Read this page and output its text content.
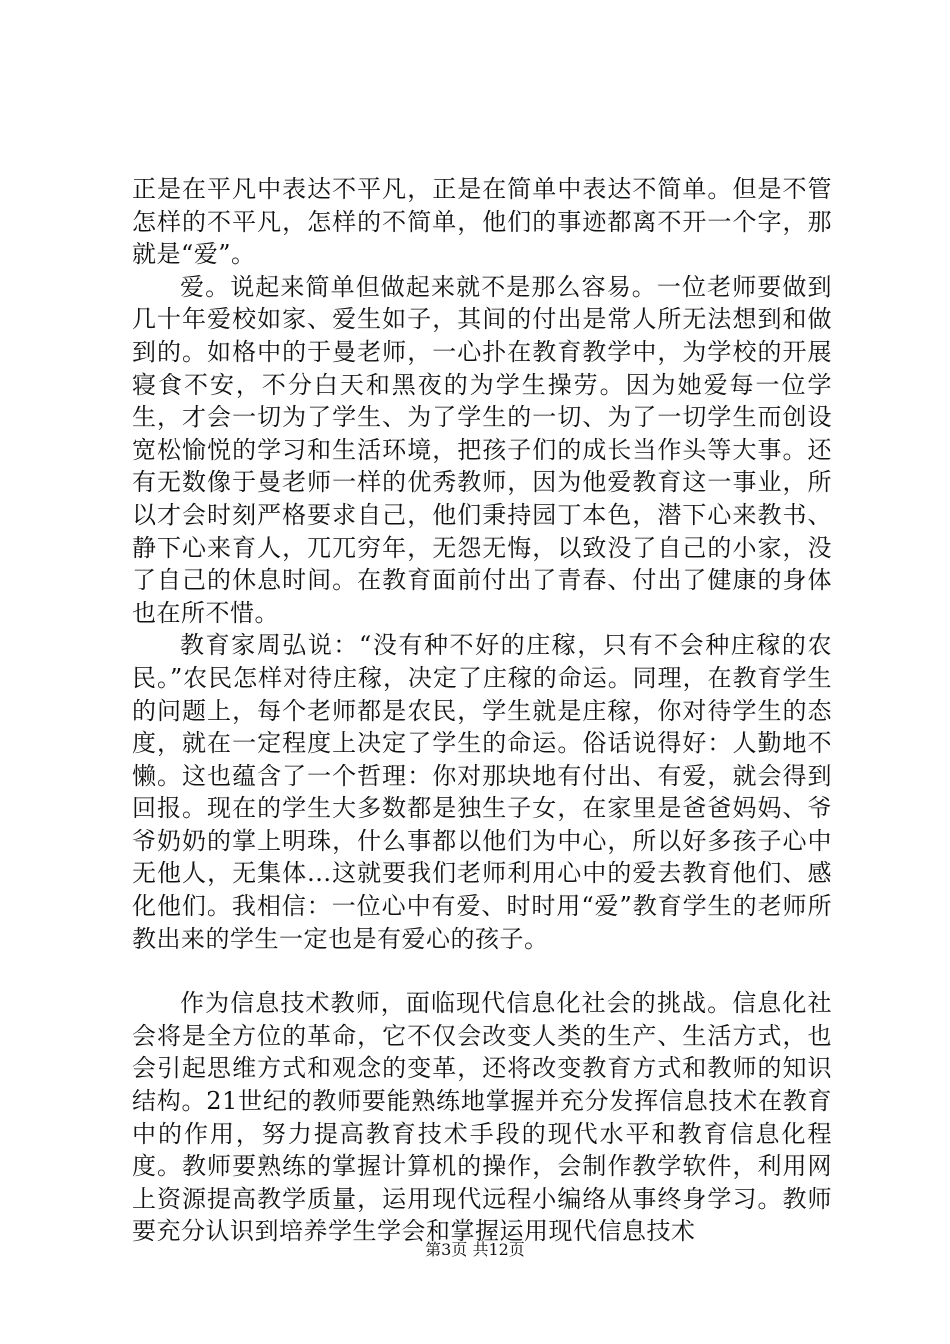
正是在平凡中表达不平凡，正是在简单中表达不简单。但是不管怎样的不平凡，怎样的不简单，他们的事迹都离不开一个字，那就是“爱”。

爱。说起来简单但做起来就不是那么容易。一位老师要做到几十年爱校如家、爱生如子，其间的付出是常人所无法想到和做到的。如格中的于曼老师，一心扑在教育教学中，为学校的开展寝食不安，不分白天和黑夜的为学生操劳。因为她爱每一位学生，才会一切为了学生、为了学生的一切、为了一切学生而创设宽松愉悦的学习和生活环境，把孩子们的成长当作头等大事。还有无数像于曼老师一样的优秀教师，因为他爱教育这一事业，所以才会时刻严格要求自己，他们秉持园丁本色，潜下心来教书、静下心来育人，兀兀穷年，无怨无悔，以致没了自己的小家，没了自己的休息时间。在教育面前付出了青春、付出了健康的身体也在所不惜。

教育家周弘说：“没有种不好的庄稼，只有不会种庄稼的农民。”农民怎样对待庄稼，决定了庄稼的命运。同理，在教育学生的问题上，每个老师都是农民，学生就是庄稼，你对待学生的态度，就在一定程度上决定了学生的命运。俗话说得好：人勤地不懒。这也蕴含了一个哲理：你对那块地有付出、有爱，就会得到回报。现在的学生大多数都是独生子女，在家里是爸爸妈妈、爷爷奶奶的掌上明珠，什么事都以他们为中心，所以好多孩子心中无他人，无集体...这就要我们老师利用心中的爱去教育他们、感化他们。我相信：一位心中有爱、时时用“爱”教育学生的老师所教出来的学生一定也是有爱心的孩子。

作为信息技术教师，面临现代信息化社会的挑战。信息化社会将是全方位的革命，它不仅会改变人类的生产、生活方式，也会引起思维方式和观念的变革，还将改变教育方式和教师的知识结构。21世纪的教师要能熟练地掌握并充分发挥信息技术在教育中的作用，努力提高教育技术手段的现代水平和教育信息化程度。教师要熟练的掌握计算机的操作，会制作教学软件，利用网上资源提高教学质量，运用现代远程小编络从事终身学习。教师要充分认识到培养学生学会和掌握运用现代信息技术

第3页 共12页
